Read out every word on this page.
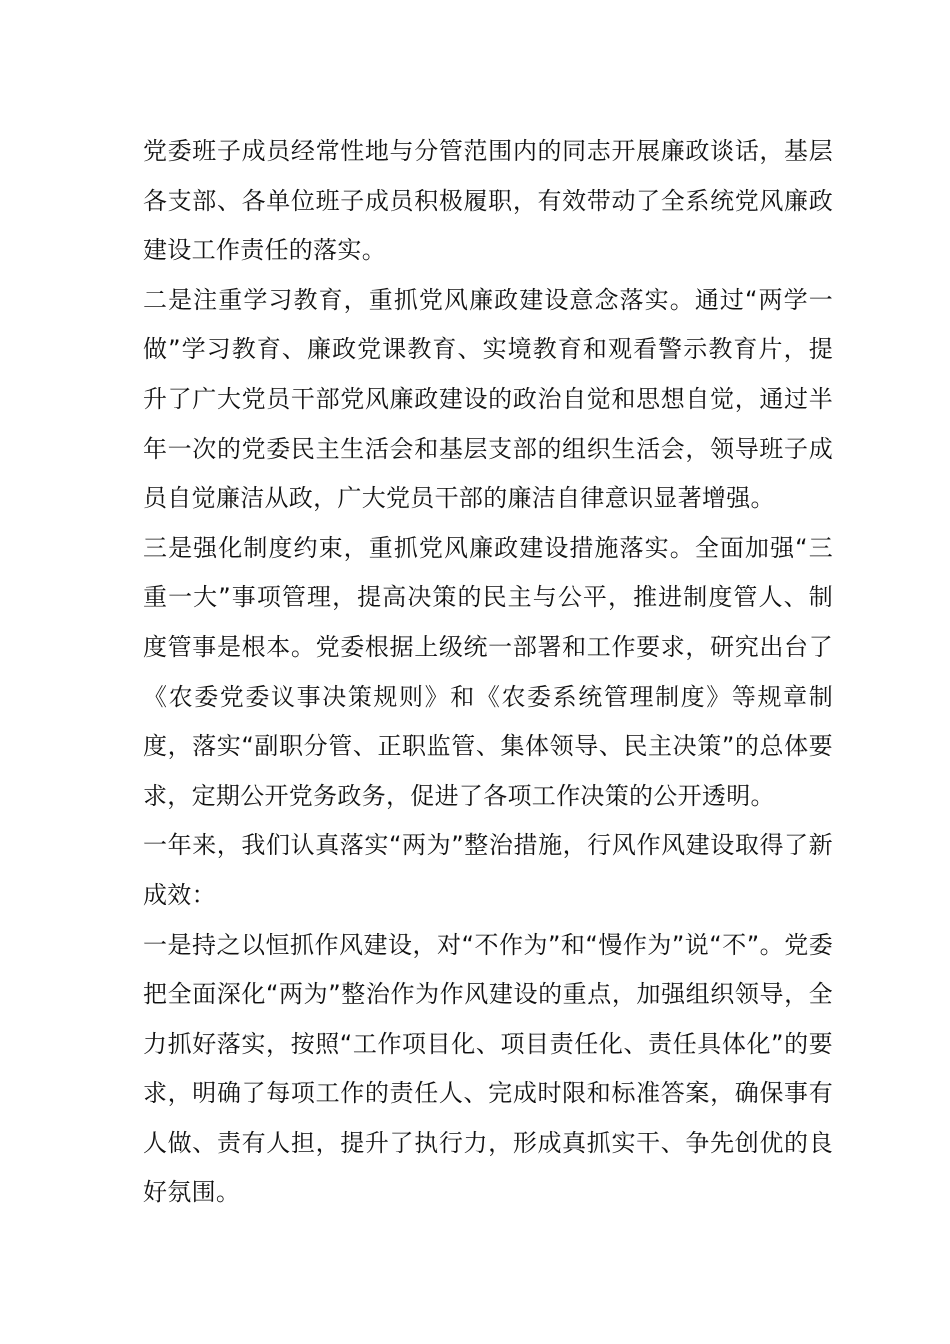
党委班子成员经常性地与分管范围内的同志开展廉政谈话，基层各支部、各单位班子成员积极履职，有效带动了全系统党风廉政建设工作责任的落实。

二是注重学习教育，重抓党风廉政建设意念落实。通过“两学一做”学习教育、廉政党课教育、实境教育和观看警示教育片，提升了广大党员干部党风廉政建设的政治自觉和思想自觉，通过半年一次的党委民主生活会和基层支部的组织生活会，领导班子成员自觉廉洁从政，广大党员干部的廉洁自律意识显著增强。

三是强化制度约束，重抓党风廉政建设措施落实。全面加强“三重一大”事项管理，提高决策的民主与公平，推进制度管人、制度管事是根本。党委根据上级统一部署和工作要求，研究出台了《农委党委议事决策规则》和《农委系统管理制度》等规章制度，落实“副职分管、正职监管、集体领导、民主决策”的总体要求，定期公开党务政务，促进了各项工作决策的公开透明。

一年来，我们认真落实“两为”整治措施，行风作风建设取得了新成效：

一是持之以恒抓作风建设，对“不作为”和“慢作为”说“不”。党委把全面深化“两为”整治作为作风建设的重点，加强组织领导，全力抓好落实，按照“工作项目化、项目责任化、责任具体化”的要求，明确了每项工作的责任人、完成时限和标准答案，确保事有人做、责有人担，提升了执行力，形成真抓实干、争先创优的良好氛围。
